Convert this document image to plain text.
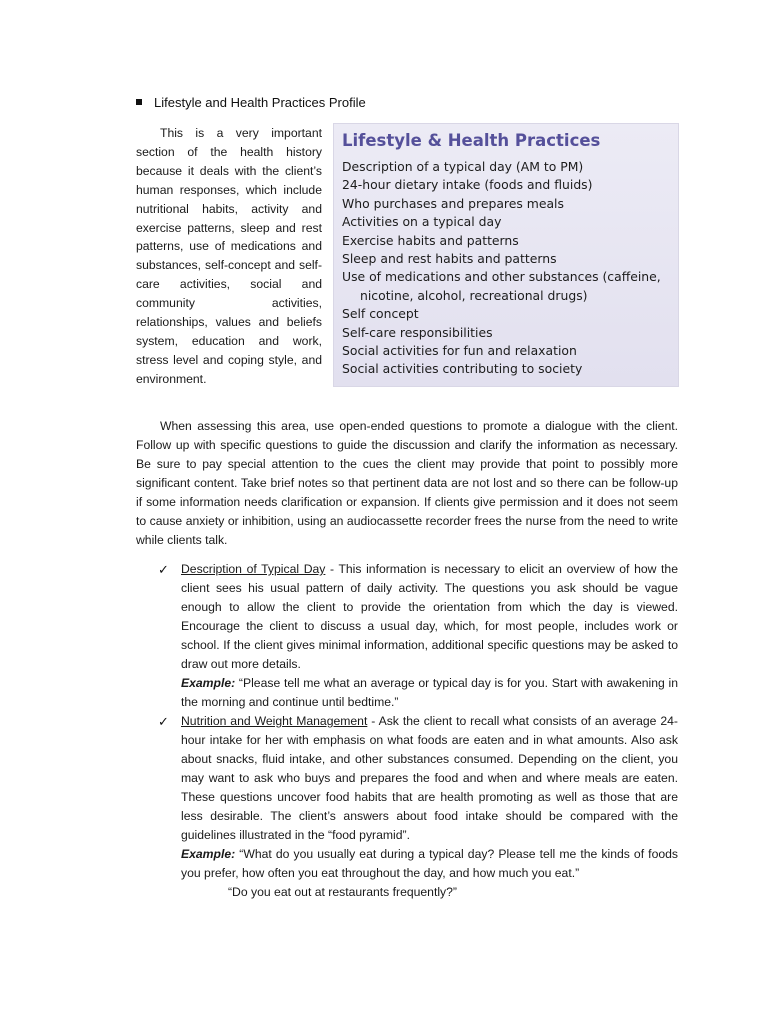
Lifestyle and Health Practices Profile
This is a very important section of the health history because it deals with the client’s human responses, which include nutritional habits, activity and exercise patterns, sleep and rest patterns, use of medications and substances, self-concept and self-care activities, social and community activities, relationships, values and beliefs system, education and work, stress level and coping style, and environment.
Lifestyle & Health Practices
Description of a typical day (AM to PM)
24-hour dietary intake (foods and fluids)
Who purchases and prepares meals
Activities on a typical day
Exercise habits and patterns
Sleep and rest habits and patterns
Use of medications and other substances (caffeine,
nicotine, alcohol, recreational drugs)
Self concept
Self-care responsibilities
Social activities for fun and relaxation
Social activities contributing to society
When assessing this area, use open-ended questions to promote a dialogue with the client. Follow up with specific questions to guide the discussion and clarify the information as necessary. Be sure to pay special attention to the cues the client may provide that point to possibly more significant content. Take brief notes so that pertinent data are not lost and so there can be follow-up if some information needs clarification or expansion. If clients give permission and it does not seem to cause anxiety or inhibition, using an audiocassette recorder frees the nurse from the need to write while clients talk.
✓ Description of Typical Day - This information is necessary to elicit an overview of how the client sees his usual pattern of daily activity. The questions you ask should be vague enough to allow the client to provide the orientation from which the day is viewed. Encourage the client to discuss a usual day, which, for most people, includes work or school. If the client gives minimal information, additional specific questions may be asked to draw out more details.
Example: “Please tell me what an average or typical day is for you. Start with awakening in the morning and continue until bedtime.”
✓ Nutrition and Weight Management - Ask the client to recall what consists of an average 24-hour intake for her with emphasis on what foods are eaten and in what amounts. Also ask about snacks, fluid intake, and other substances consumed. Depending on the client, you may want to ask who buys and prepares the food and when and where meals are eaten. These questions uncover food habits that are health promoting as well as those that are less desirable. The client’s answers about food intake should be compared with the guidelines illustrated in the “food pyramid”.
Example: “What do you usually eat during a typical day? Please tell me the kinds of foods you prefer, how often you eat throughout the day, and how much you eat.”
“Do you eat out at restaurants frequently?”
